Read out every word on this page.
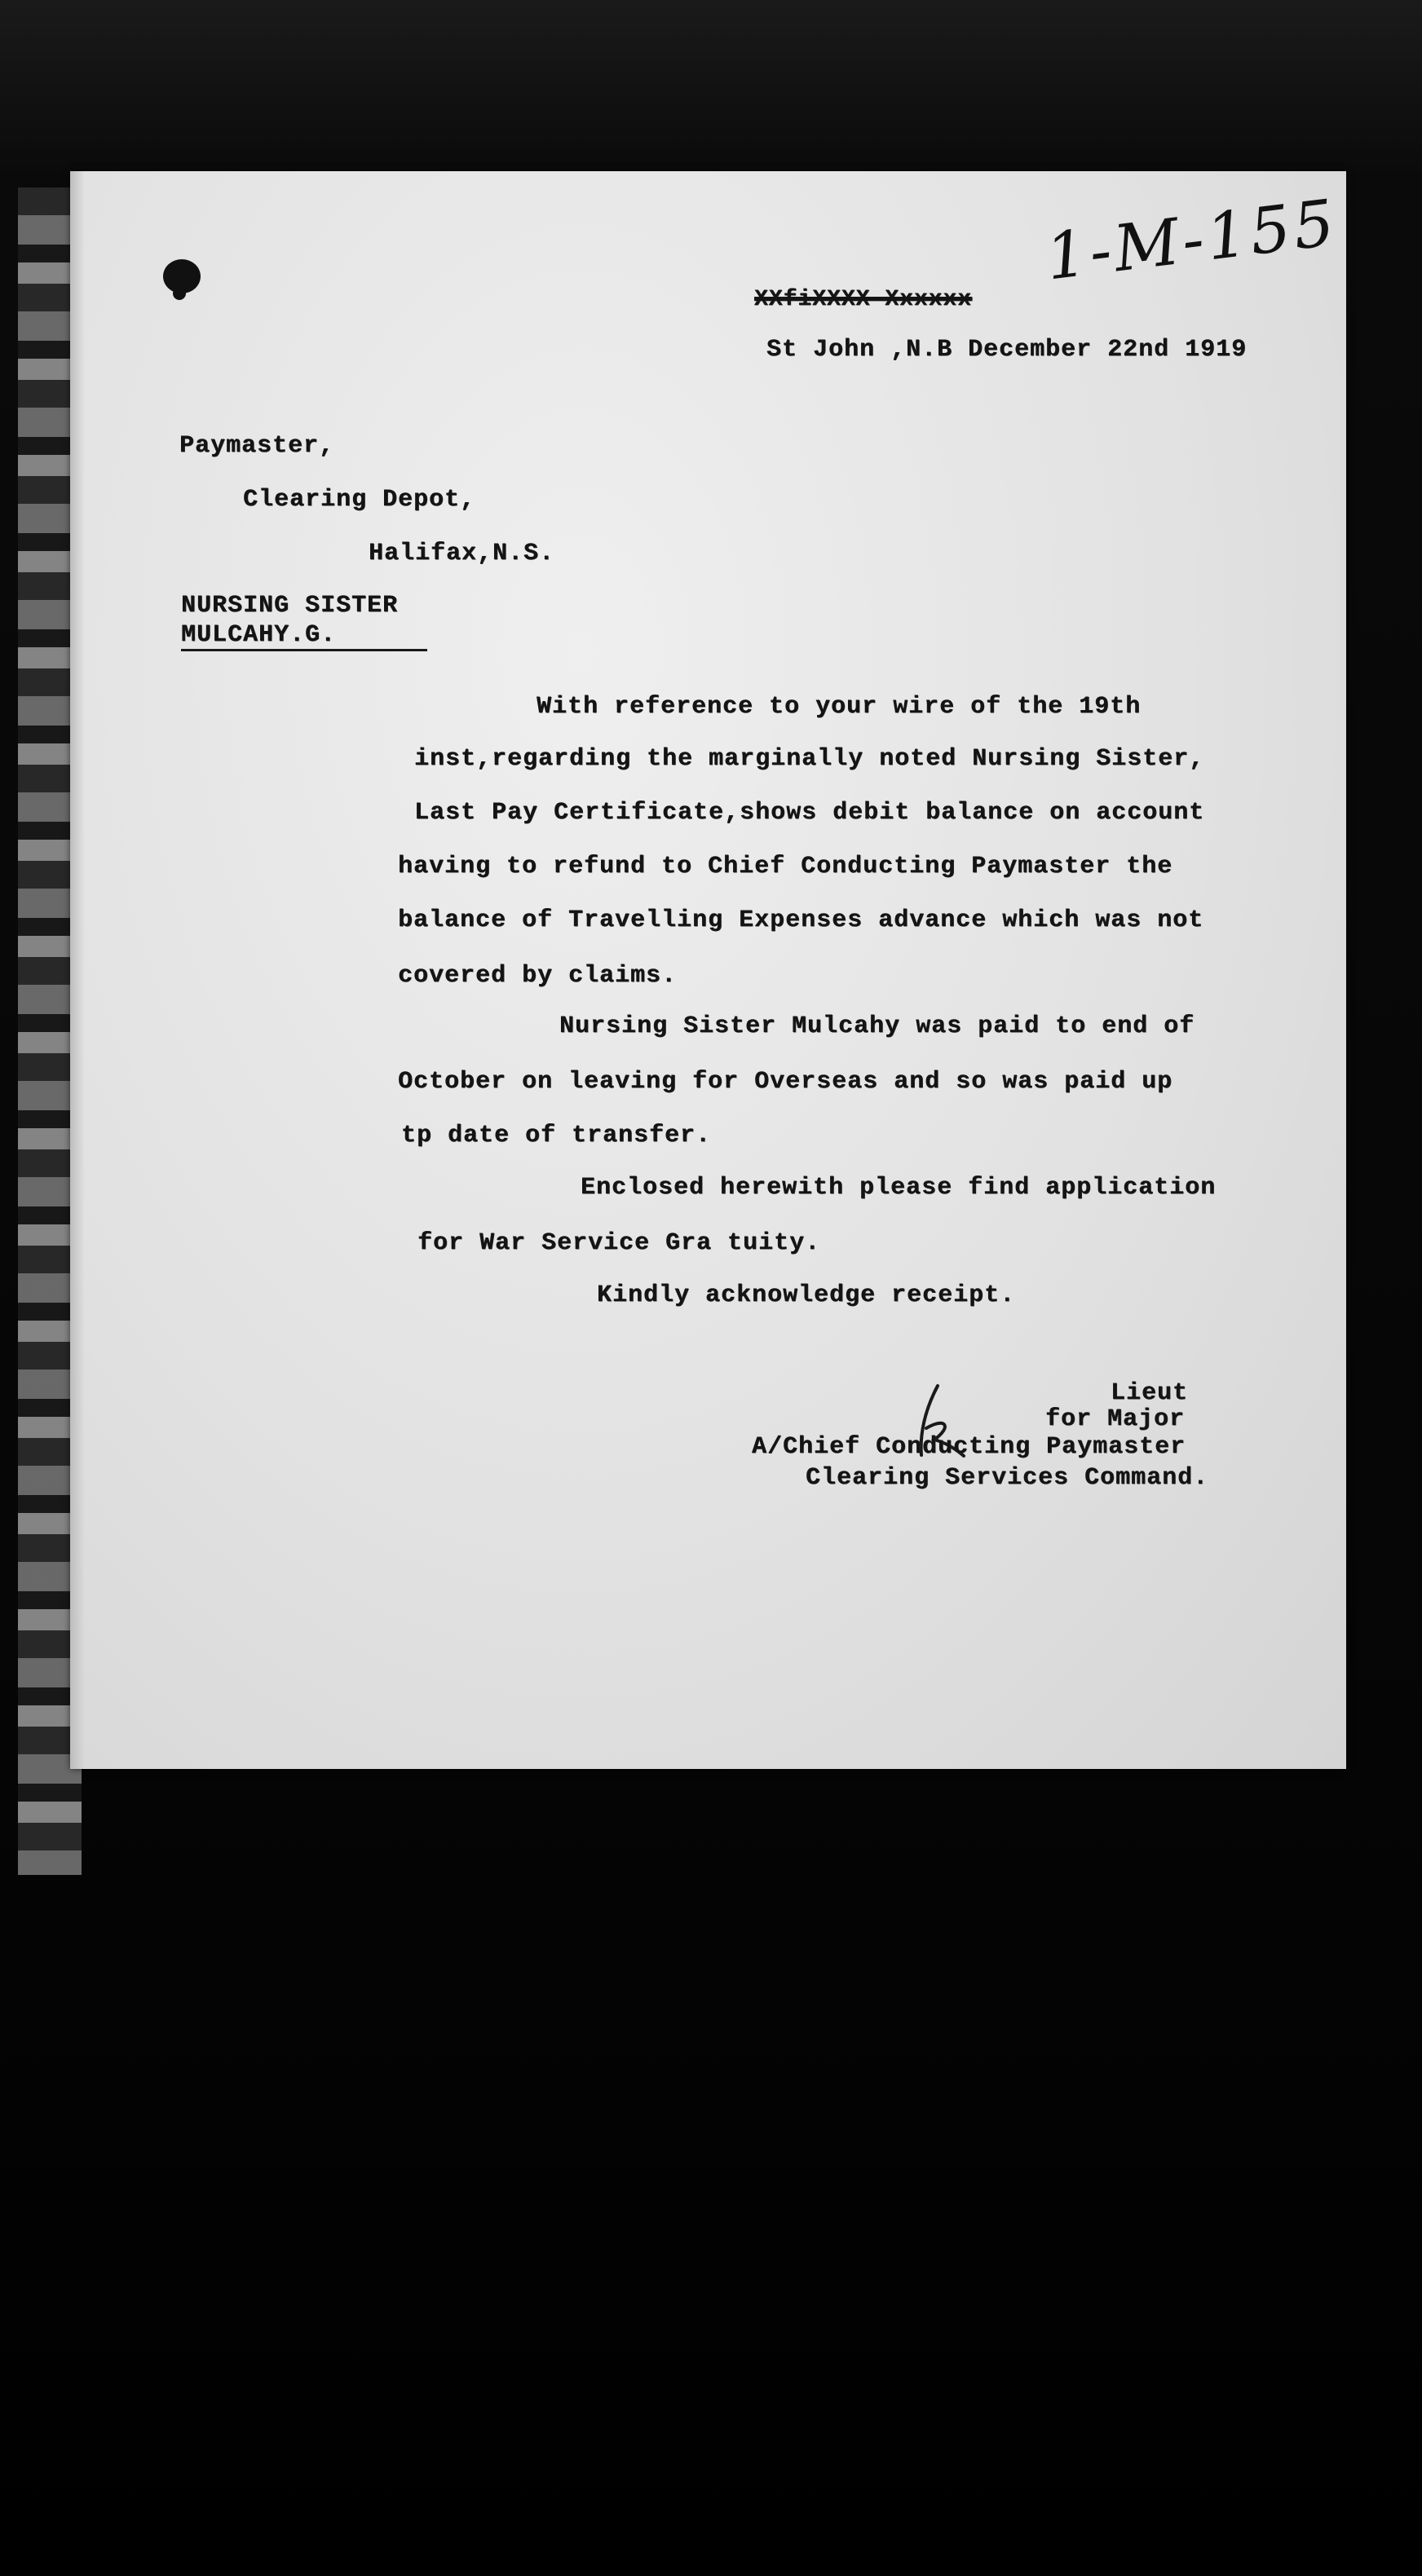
1-M-155
XXfiXXXX Xxxxxx
St John ,N.B December 22nd 1919
Paymaster,
Clearing Depot,
Halifax,N.S.
NURSING SISTER
MULCAHY.G.
With reference to your wire of the 19th
inst,regarding the marginally noted Nursing Sister,
Last Pay Certificate,shows debit balance on account
having to refund to Chief Conducting Paymaster the
balance of Travelling Expenses advance which was not
covered by claims.
Nursing Sister Mulcahy was paid to end of
October on leaving for Overseas and so was paid up
tp date of transfer.
Enclosed herewith please find application
for War Service Gra tuity.
Kindly acknowledge receipt.
Lieut
for Major
A/Chief Conducting Paymaster
Clearing Services Command.
